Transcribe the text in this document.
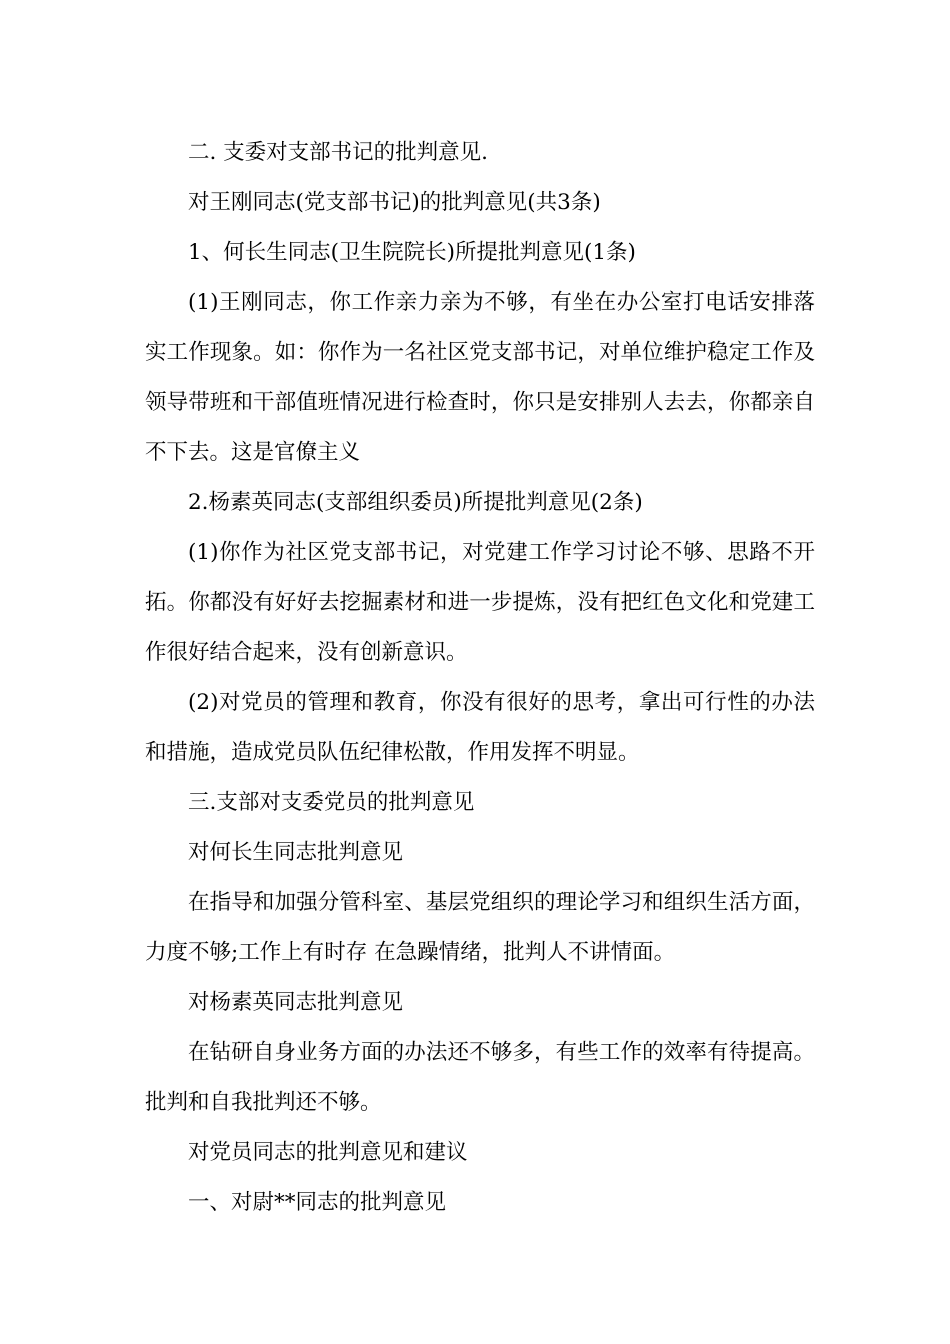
二. 支委对支部书记的批判意见.

对王刚同志(党支部书记)的批判意见(共3条)

1、何长生同志(卫生院院长)所提批判意见(1条)

(1)王刚同志，你工作亲力亲为不够，有坐在办公室打电话安排落实工作现象。如：你作为一名社区党支部书记，对单位维护稳定工作及领导带班和干部值班情况进行检查时，你只是安排别人去去，你都亲自不下去。这是官僚主义

2.杨素英同志(支部组织委员)所提批判意见(2条)

(1)你作为社区党支部书记，对党建工作学习讨论不够、思路不开拓。你都没有好好去挖掘素材和进一步提炼，没有把红色文化和党建工作很好结合起来，没有创新意识。

(2)对党员的管理和教育，你没有很好的思考，拿出可行性的办法和措施，造成党员队伍纪律松散，作用发挥不明显。

三.支部对支委党员的批判意见

对何长生同志批判意见

在指导和加强分管科室、基层党组织的理论学习和组织生活方面，力度不够;工作上有时存 在急躁情绪，批判人不讲情面。

对杨素英同志批判意见

在钻研自身业务方面的办法还不够多，有些工作的效率有待提高。批判和自我批判还不够。

对党员同志的批判意见和建议

一、对尉**同志的批判意见
